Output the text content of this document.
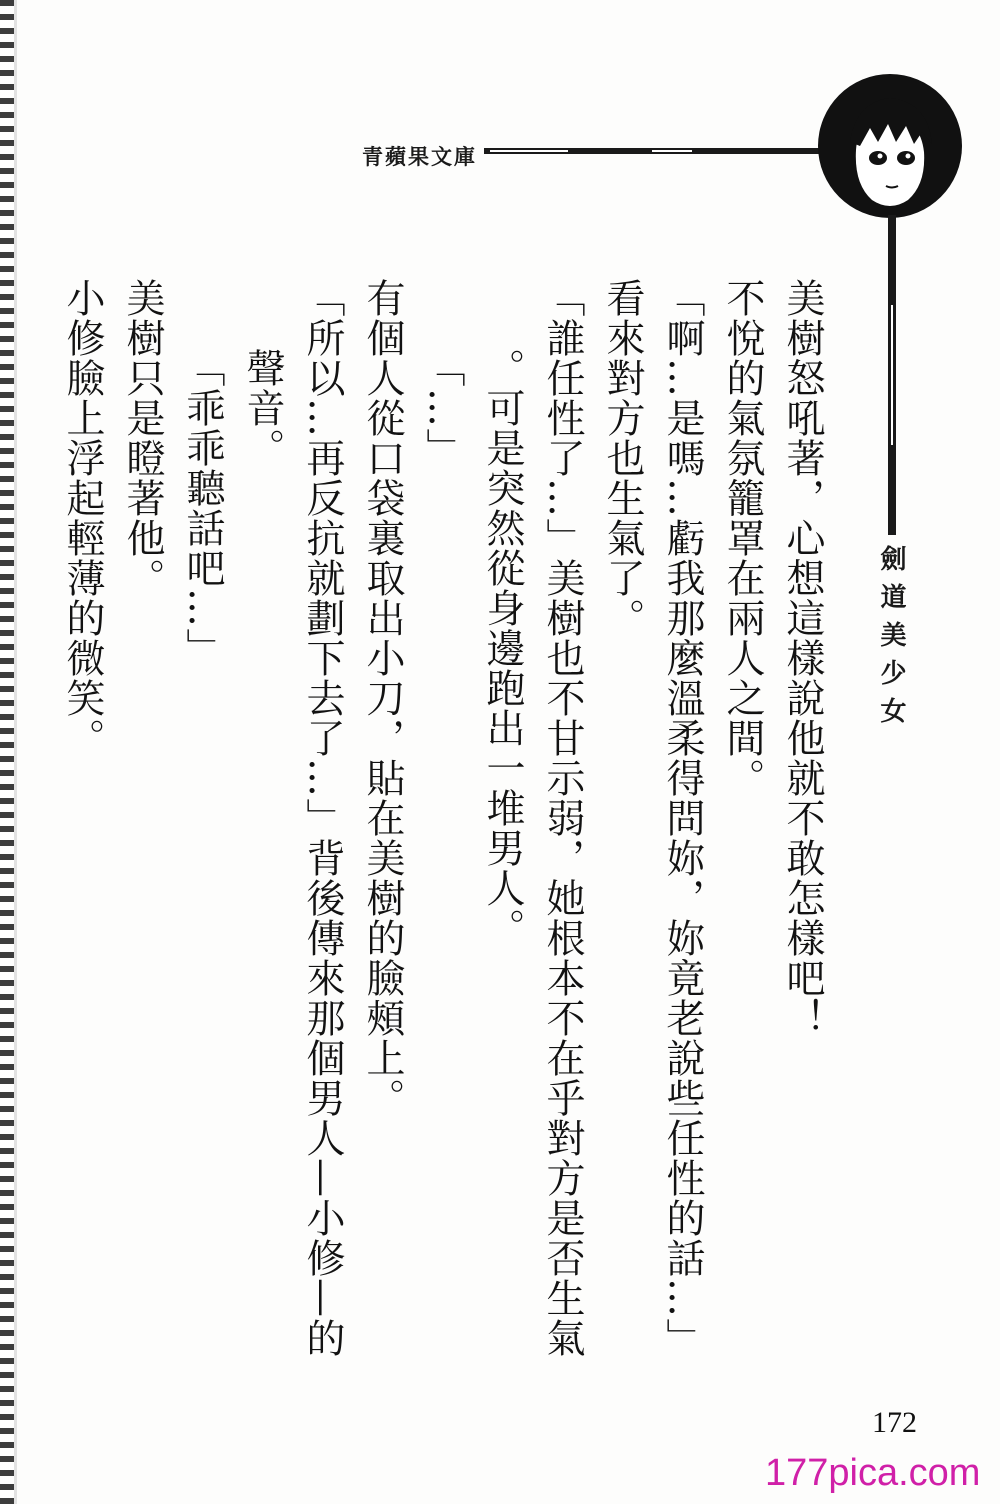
青蘋果文庫
劍道美少女

美樹怒吼著，心想這樣說他就不敢怎樣吧！

不悅的氣氛籠罩在兩人之間。

「啊…是嗎…虧我那麼溫柔得問妳，妳竟老說些任性的話…」

看來對方也生氣了。

「誰任性了…」美樹也不甘示弱，她根本不在乎對方是否生氣

。可是突然從身邊跑出一堆男人。

「…」

有個人從口袋裏取出小刀，貼在美樹的臉頰上。

「所以…再反抗就劃下去了…」背後傳來那個男人—小修—的

聲音。

「乖乖聽話吧…」

美樹只是瞪著他。

小修臉上浮起輕薄的微笑。

172
177pica.com
